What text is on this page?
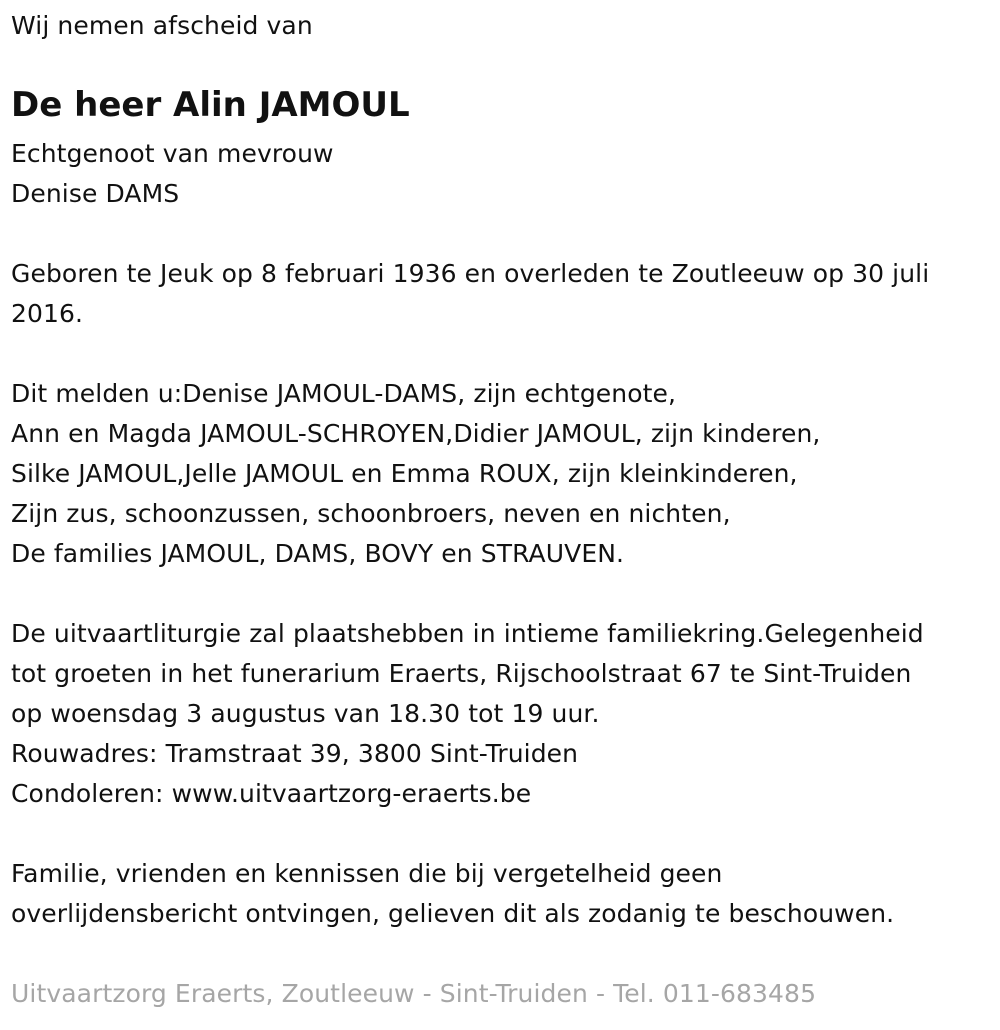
Wij nemen afscheid van
De heer Alin JAMOUL
Echtgenoot van mevrouw
Denise DAMS
Geboren te Jeuk op 8 februari 1936 en overleden te Zoutleeuw op 30 juli
2016.
Dit melden u:Denise JAMOUL-DAMS, zijn echtgenote,
Ann en Magda JAMOUL-SCHROYEN,Didier JAMOUL, zijn kinderen,
Silke JAMOUL,Jelle JAMOUL en Emma ROUX, zijn kleinkinderen,
Zijn zus, schoonzussen, schoonbroers, neven en nichten,
De families JAMOUL, DAMS, BOVY en STRAUVEN.
De uitvaartliturgie zal plaatshebben in intieme familiekring.Gelegenheid
tot groeten in het funerarium Eraerts, Rijschoolstraat 67 te Sint-Truiden
op woensdag 3 augustus van 18.30 tot 19 uur.
Rouwadres: Tramstraat 39, 3800 Sint-Truiden
Condoleren: www.uitvaartzorg-eraerts.be
Familie, vrienden en kennissen die bij vergetelheid geen
overlijdensbericht ontvingen, gelieven dit als zodanig te beschouwen.
Uitvaartzorg Eraerts, Zoutleeuw - Sint-Truiden - Tel. 011-683485
